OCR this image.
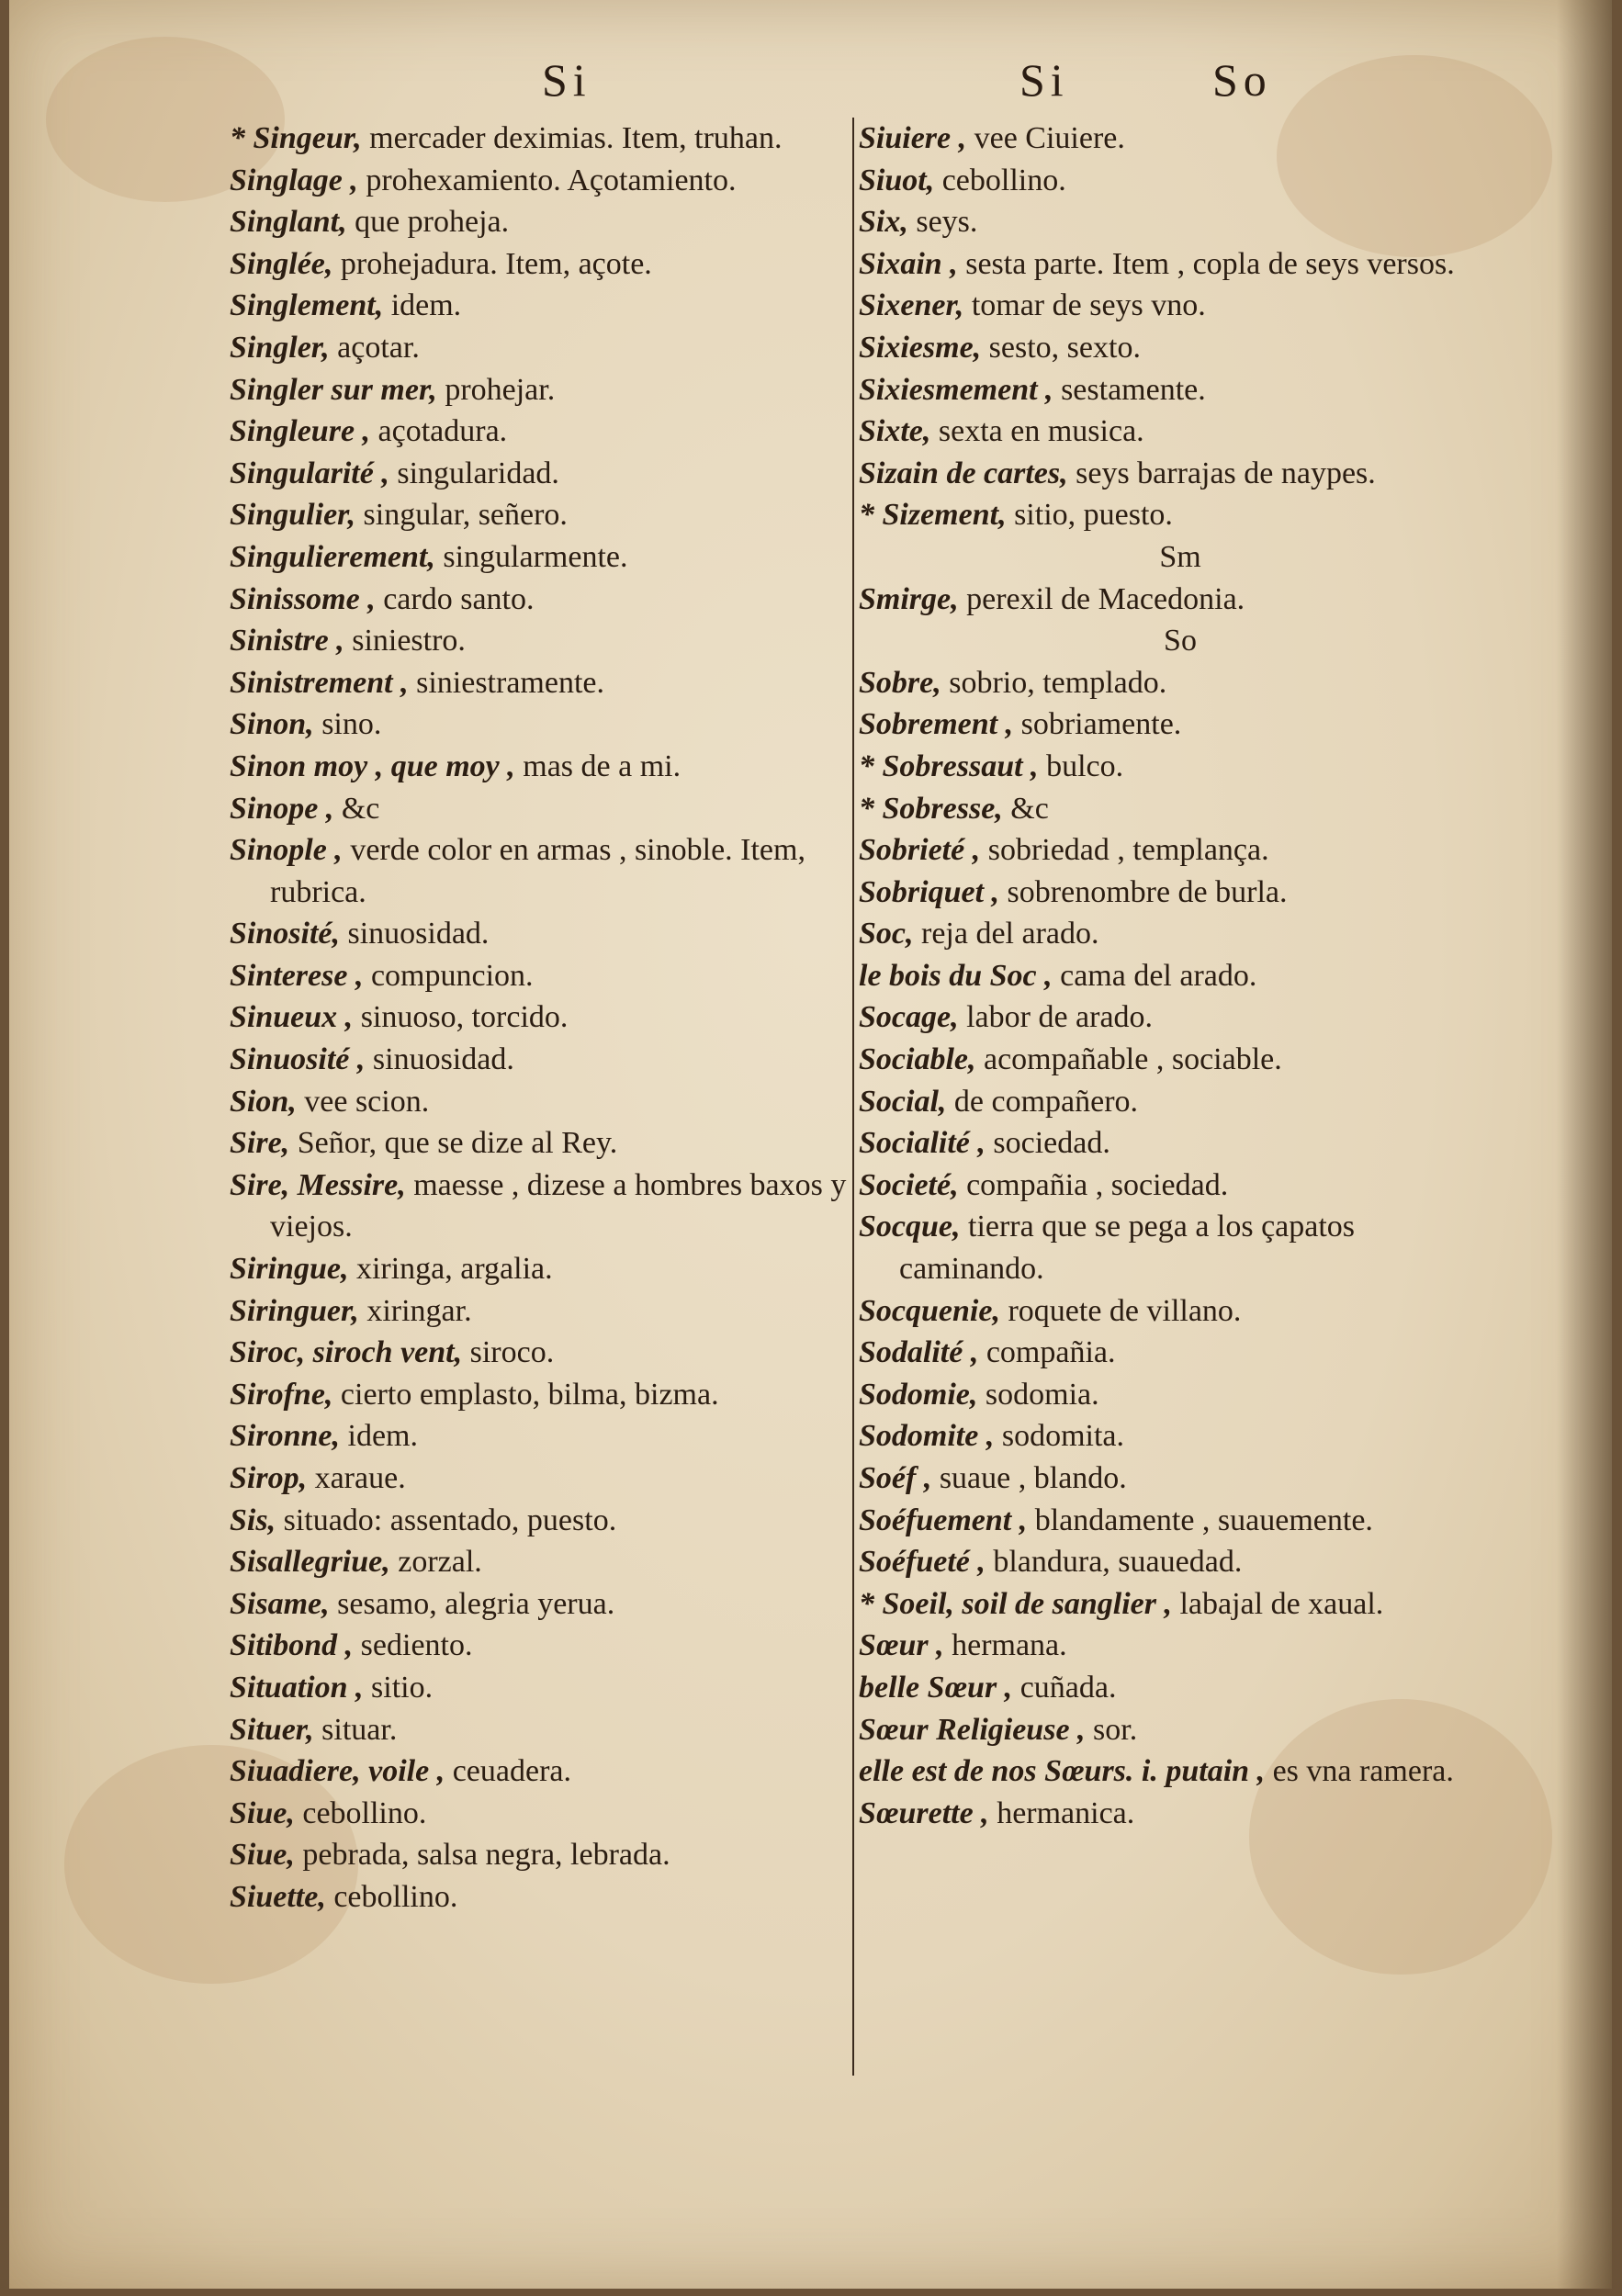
Si	Si	So

* Singeur, mercader deximias. Item, truhan.

Singlage , prohexamiento. Açotamiento.

Singlant, que proheja.

Singlée, prohejadura. Item, açote.

Singlement, idem.

Singler, açotar.

Singler sur mer, prohejar.

Singleure , açotadura.

Singularité , singularidad.

Singulier, singular, señero.

Singulierement, singularmente.

Sinissome , cardo santo.

Sinistre , siniestro.

Sinistrement , siniestramente.

Sinon, sino.

Sinon moy , que moy , mas de a mi.

Sinope , &c

Sinople , verde color en armas , sinoble. Item, rubrica.

Sinosité, sinuosidad.

Sinterese , compuncion.

Sinueux , sinuoso, torcido.

Sinuosité , sinuosidad.

Sion, vee scion.

Sire, Señor, que se dize al Rey.

Sire, Messire, maesse , dizese a hombres baxos y viejos.

Siringue, xiringa, argalia.

Siringuer, xiringar.

Siroc, siroch vent, siroco.

Sirofne, cierto emplasto, bilma, bizma.

Sironne, idem.

Sirop, xaraue.

Sis, situado: assentado, puesto.

Sisallegriue, zorzal.

Sisame, sesamo, alegria yerua.

Sitibond , sediento.

Situation , sitio.

Situer, situar.

Siuadiere, voile , ceuadera.

Siue, cebollino.

Siue, pebrada, salsa negra, lebrada.

Siuette, cebollino.

Siuiere , vee Ciuiere.

Siuot, cebollino.

Six, seys.

Sixain , sesta parte. Item , copla de seys versos.

Sixener, tomar de seys vno.

Sixiesme, sesto, sexto.

Sixiesmement , sestamente.

Sixte, sexta en musica.

Sizain de cartes, seys barrajas de naypes.

* Sizement, sitio, puesto.

Sm

Smirge, perexil de Macedonia.

So

Sobre, sobrio, templado.

Sobrement , sobriamente.

* Sobressaut , bulco.

* Sobresse, &c

Sobrieté , sobriedad , templança.

Sobriquet , sobrenombre de burla.

Soc, reja del arado.

le bois du Soc , cama del arado.

Socage, labor de arado.

Sociable, acompañable , sociable.

Social, de compañero.

Socialité , sociedad.

Societé, compañia , sociedad.

Socque, tierra que se pega a los çapatos caminando.

Socquenie, roquete de villano.

Sodalité , compañia.

Sodomie, sodomia.

Sodomite , sodomita.

Soéf , suaue , blando.

Soéfuement , blandamente , suauemente.

Soéfueté , blandura, suauedad.

* Soeil, soil de sanglier , labajal de xaual.

Sœur , hermana.

belle Sœur , cuñada.

Sœur Religieuse , sor.

elle est de nos Sœurs. i. putain , es vna ramera.

Sœurette , hermanica.
